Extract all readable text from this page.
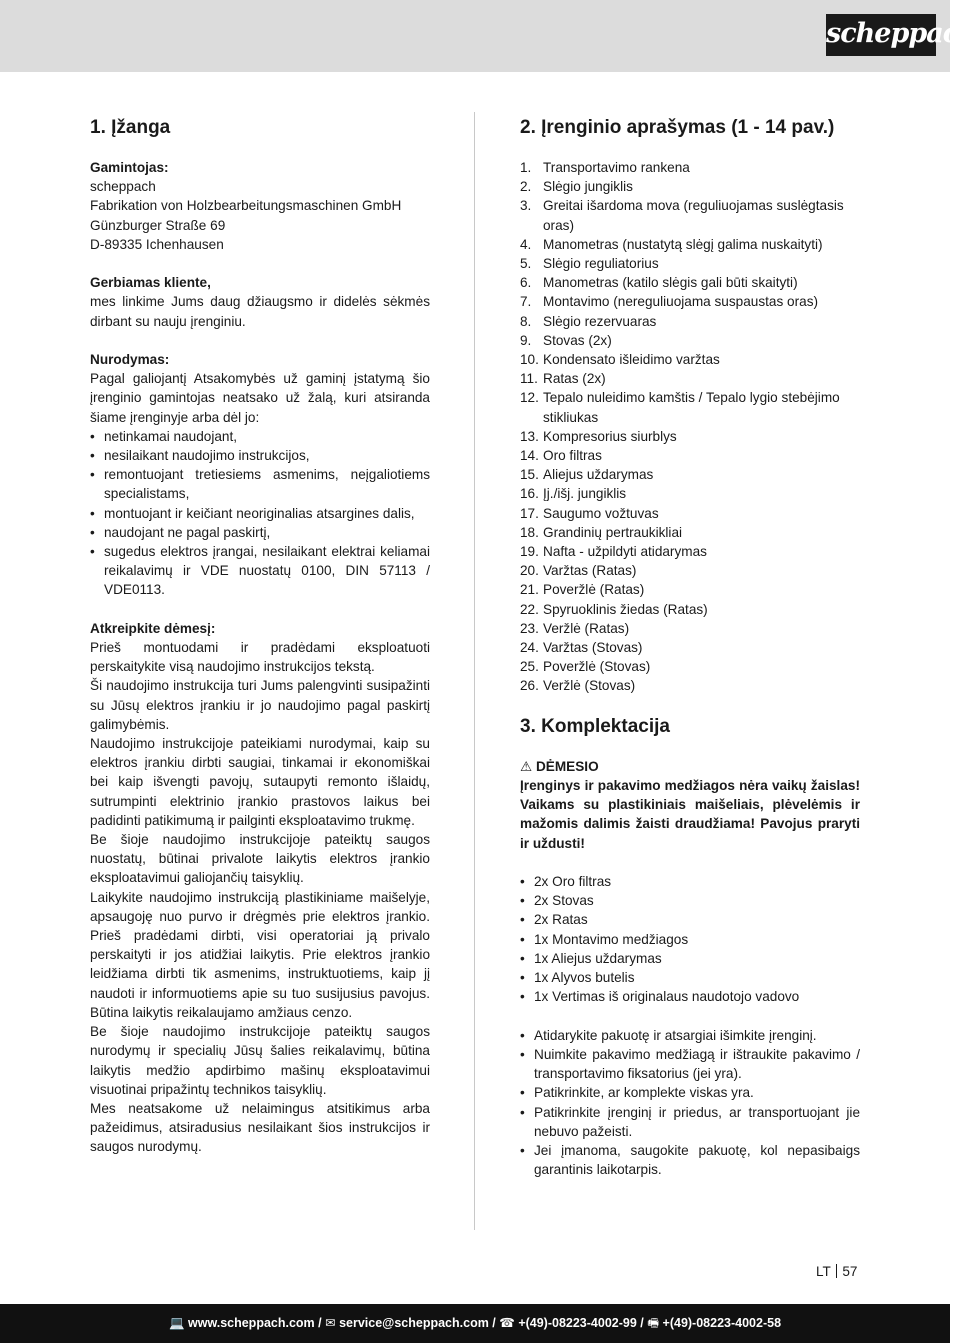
scheppach
1. Įžanga
Gamintojas:
scheppach
Fabrikation von Holzbearbeitungsmaschinen GmbH
Günzburger Straße 69
D-89335 Ichenhausen
Gerbiamas kliente,
mes linkime Jums daug džiaugsmo ir didelės sėkmės dirbant su nauju įrenginiu.
Nurodymas:
Pagal galiojantį Atsakomybės už gaminį įstatymą šio įrenginio gamintojas neatsako už žalą, kuri atsiranda šiame įrenginyje arba dėl jo:
• netinkamai naudojant,
• nesilaikant naudojimo instrukcijos,
• remontuojant tretiesiems asmenims, neįgaliotiems specialistams,
• montuojant ir keičiant neoriginalias atsargines dalis,
• naudojant ne pagal paskirtį,
• sugedus elektros įrangai, nesilaikant elektrai keliamai reikalavimų ir VDE nuostatų 0100, DIN 57113 / VDE0113.
Atkreipkite dėmesį:
Prieš montuodami ir pradėdami eksploatuoti perskaitykite visą naudojimo instrukcijos tekstą.
Ši naudojimo instrukcija turi Jums palengvinti susipažinti su Jūsų elektros įrankiu ir jo naudojimo pagal paskirtį galimybėmis.
Naudojimo instrukcijoje pateikiami nurodymai, kaip su elektros įrankiu dirbti saugiai, tinkamai ir ekonomiškai bei kaip išvengti pavojų, sutaupyti remonto išlaidų, sutrumpinti elektrinio įrankio prastovos laikus bei padidinti patikimumą ir pailginti eksploatavimo trukmę.
Be šioje naudojimo instrukcijoje pateiktų saugos nuostatų, būtinai privalote laikytis elektros įrankio eksploatavimui galiojančių taisyklių.
Laikykite naudojimo instrukciją plastikiniame maišelyje, apsaugoję nuo purvo ir drėgmės prie elektros įrankio. Prieš pradėdami dirbti, visi operatoriai ją privalo perskaityti ir jos atidžiai laikytis. Prie elektros įrankio leidžiama dirbti tik asmenims, instruktuotiems, kaip jį naudoti ir informuotiems apie su tuo susijusius pavojus. Būtina laikytis reikalaujamo amžiaus cenzo.
Be šioje naudojimo instrukcijoje pateiktų saugos nurodymų ir specialių Jūsų šalies reikalavimų, būtina laikytis medžio apdirbimo mašinų eksploatavimui visuotinai pripažintų technikos taisyklių.
Mes neatsakome už nelaimingus atsitikimus arba pažeidimus, atsiradusius nesilaikant šios instrukcijos ir saugos nurodymų.
2. Įrenginio aprašymas (1 - 14 pav.)
1. Transportavimo rankena
2. Slėgio jungiklis
3. Greitai išardoma mova (reguliuojamas suslėgtasis oras)
4. Manometras (nustatytą slėgį galima nuskaityti)
5. Slėgio reguliatorius
6. Manometras (katilo slėgis gali būti skaityti)
7. Montavimo (nereguliuojama suspaustas oras)
8. Slėgio rezervuaras
9. Stovas (2x)
10. Kondensato išleidimo varžtas
11. Ratas (2x)
12. Tepalo nuleidimo kamštis / Tepalo lygio stebėjimo stikliukas
13. Kompresorius siurblys
14. Oro filtras
15. Aliejus uždarymas
16. Įj./išj. jungiklis
17. Saugumo vožtuvas
18. Grandinių pertraukikliai
19. Nafta - užpildyti atidarymas
20. Varžtas (Ratas)
21. Poveržlė (Ratas)
22. Spyruoklinis žiedas (Ratas)
23. Veržlė (Ratas)
24. Varžtas (Stovas)
25. Poveržlė (Stovas)
26. Veržlė (Stovas)
3. Komplektacija
⚠ DĖMESIO
Įrenginys ir pakavimo medžiagos nėra vaikų žaislas! Vaikams su plastikiniais maišeliais, plėvelėmis ir mažomis dalimis žaisti draudžiama! Pavojus praryti ir uždusti!
• 2x Oro filtras
• 2x Stovas
• 2x Ratas
• 1x Montavimo medžiagos
• 1x Aliejus uždarymas
• 1x Alyvos butelis
• 1x Vertimas iš originalaus naudotojo vadovo
• Atidarykite pakuotę ir atsargiai išimkite įrenginį.
• Nuimkite pakavimo medžiagą ir ištraukite pakavimo / transportavimo fiksatorius (jei yra).
• Patikrinkite, ar komplekte viskas yra.
• Patikrinkite įrenginį ir priedus, ar transportuojant jie nebuvo pažeisti.
• Jei įmanoma, saugokite pakuotę, kol nepasibaigs garantinis laikotarpis.
LT 57
💻 www.scheppach.com / ✉ service@scheppach.com / ☎ +(49)-08223-4002-99 / 🖷 +(49)-08223-4002-58
